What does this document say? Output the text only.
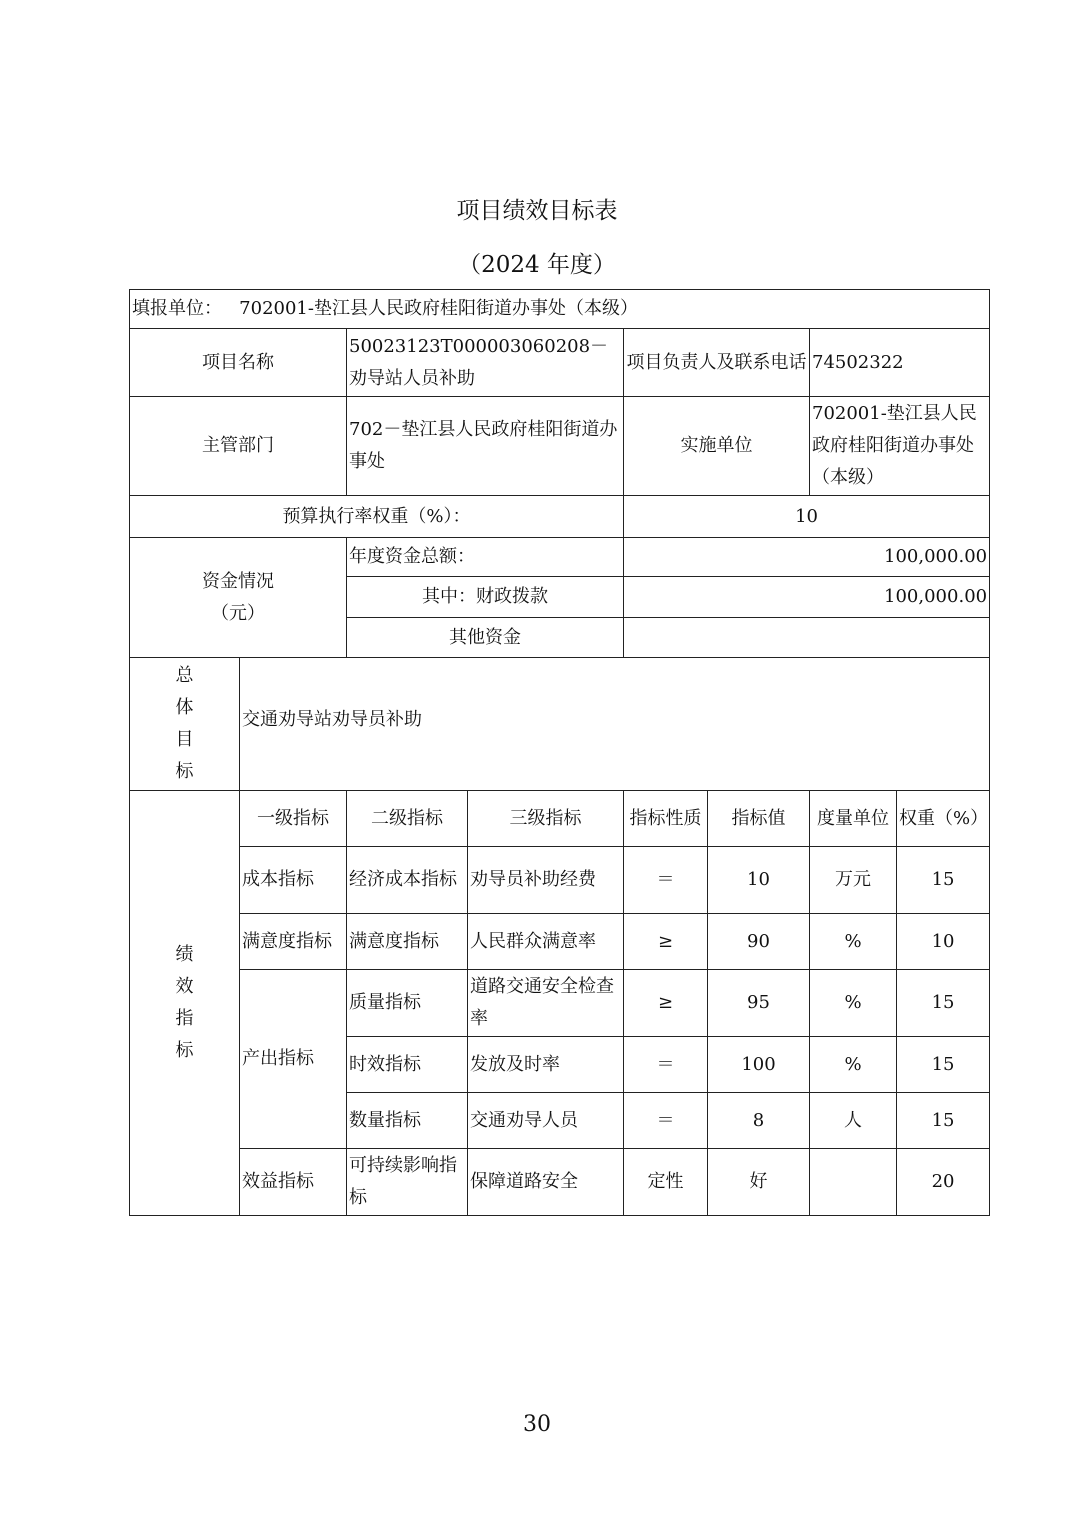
项目绩效目标表
（2024 年度）
填报单位： 702001-垫江县人民政府桂阳街道办事处（本级）							
项目名称		50023123T000003060208－劝导站人员补助		项目负责人及联系电话		74502322	
主管部门		702－垫江县人民政府桂阳街道办事处		实施单位		702001-垫江县人民政府桂阳街道办事处（本级）	
预算执行率权重（%）：				10			
资金情况
（元）		年度资金总额：		100,000.00			
		其中：财政拨款		100,000.00			
		其他资金					

总
体
目
标	交通劝导站劝导员补助						

绩
效
指
标	一级指标	二级指标	三级指标	指标性质	指标值	度量单位	权重（%）
	成本指标	经济成本指标	劝导员补助经费	＝	10	万元	15
	满意度指标	满意度指标	人民群众满意率	≥	90	%	10
	产出指标	质量指标	道路交通安全检查率	≥	95	%	15
		时效指标	发放及时率	＝	100	%	15
		数量指标	交通劝导人员	＝	8	人	15
	效益指标	可持续影响指标	保障道路安全	定性	好		20
30
